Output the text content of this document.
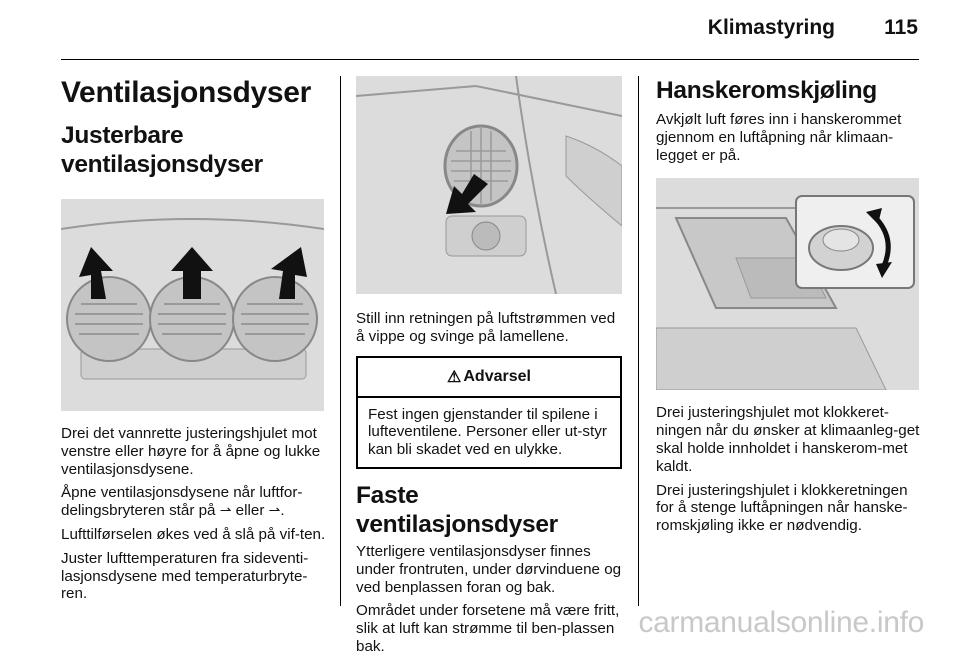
Klimastyring 115
Ventilasjonsdyser
Justerbare
ventilasjonsdyser

Drei det vannrette justeringshjulet mot venstre eller høyre for å åpne og lukke ventilasjonsdysene.

Åpne ventilasjonsdysene når luftfor-delingsbryteren står på ⇀ eller ⇀.

Lufttilførselen økes ved å slå på vif-ten.

Juster lufttemperaturen fra sideventi-lasjonsdysene med temperaturbryte-ren.

Still inn retningen på luftstrømmen ved å vippe og svinge på lamellene.

⚠ Advarsel
Fest ingen gjenstander til spilene i lufteventilene. Personer eller ut-styr kan bli skadet ved en ulykke.
Faste ventilasjonsdyser

Ytterligere ventilasjonsdyser finnes under frontruten, under dørvinduene og ved benplassen foran og bak.

Området under forsetene må være fritt, slik at luft kan strømme til ben-plassen bak.

Hanskeromskjøling

Avkjølt luft føres inn i hanskerommet gjennom en luftåpning når klimaan-legget er på.

Drei justeringshjulet mot klokkeret-ningen når du ønsker at klimaanleg-get skal holde innholdet i hanskerom-met kaldt.

Drei justeringshjulet i klokkeretningen for å stenge luftåpningen når hanske-romskjøling ikke er nødvendig.

carmanualsonline.info
